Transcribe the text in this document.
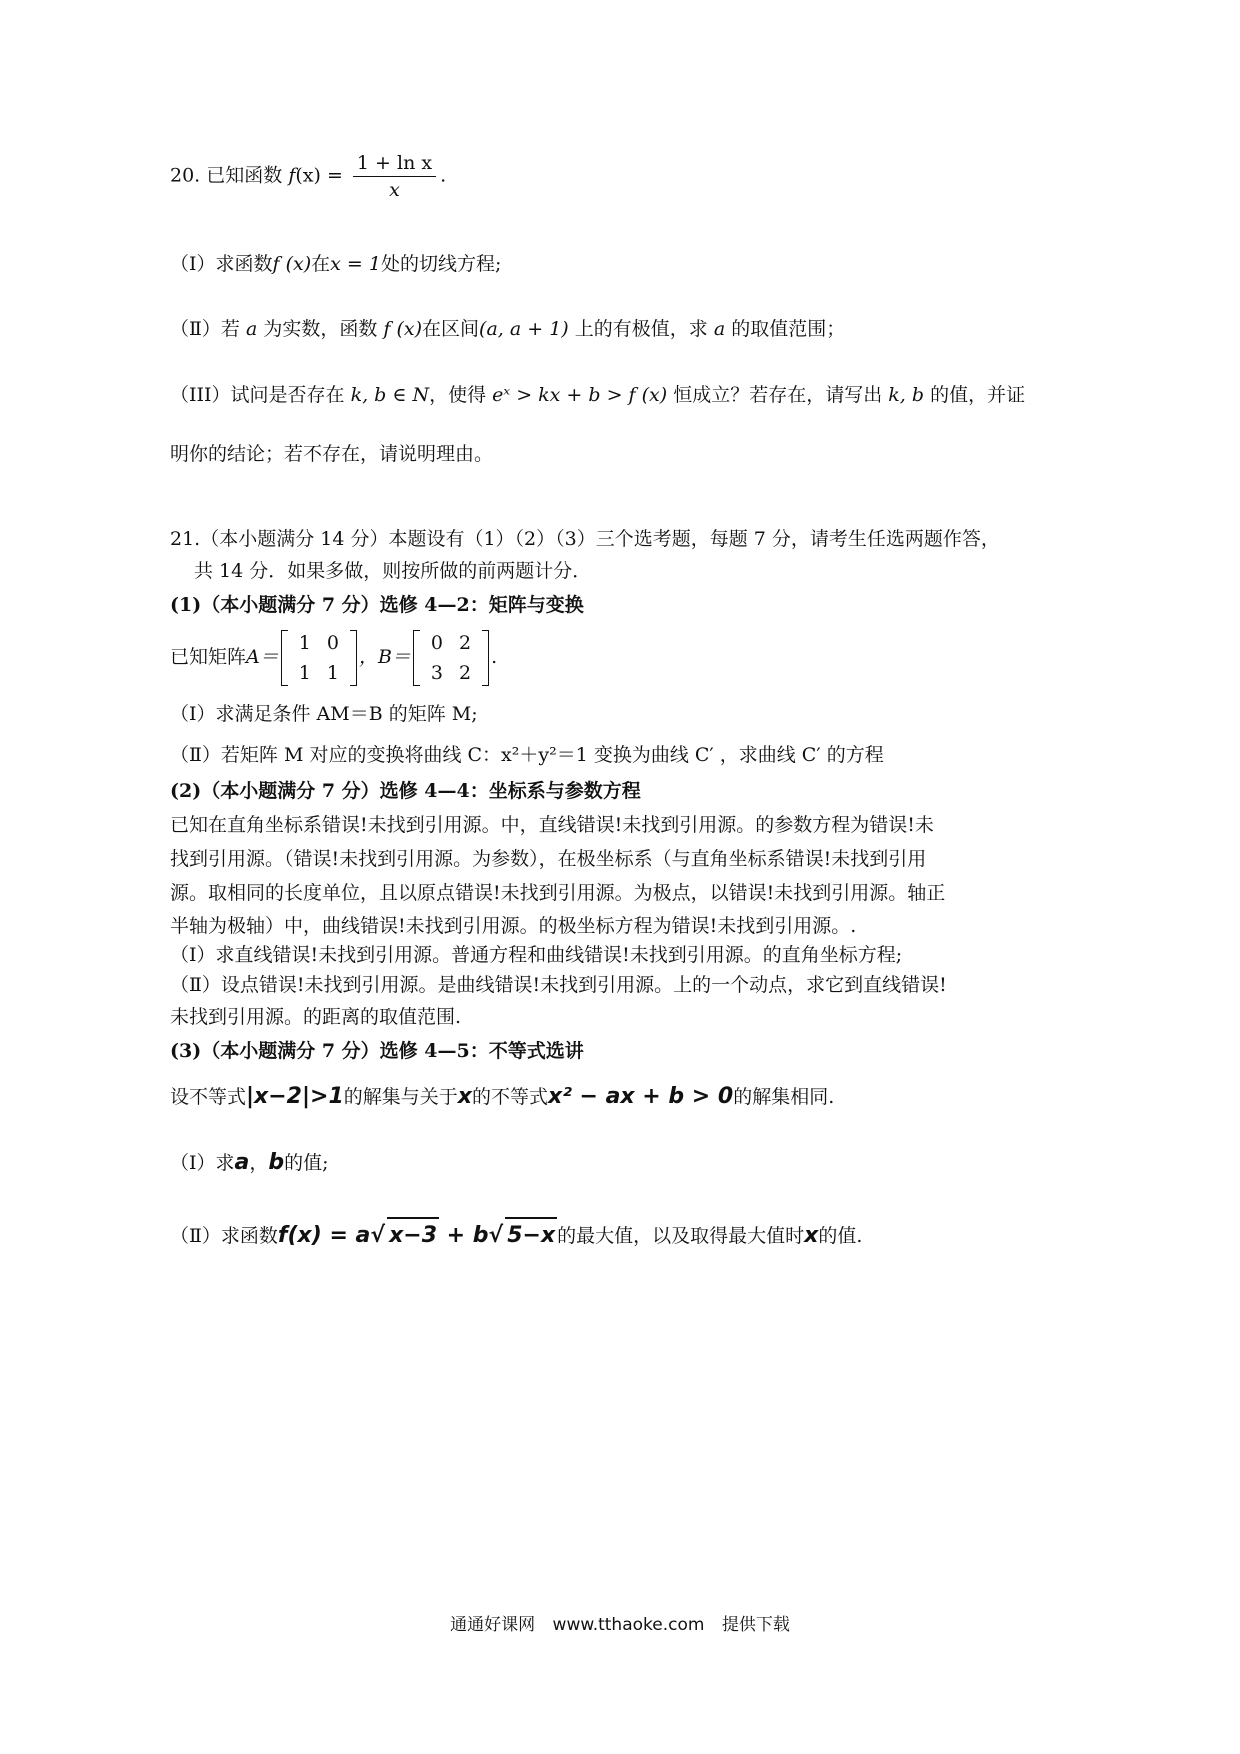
20. 已知函数 $f(x) = \frac{\text{1 + ln x}}{x}$ .
（Ⅰ）求函数f (x)在x = 1处的切线方程;
（Ⅱ）若 a 为实数，函数 f (x)在区间(a, a + 1) 上的有极值，求 a 的取值范围；
（III）试问是否存在 k, b ∈ N，使得 eˣ > kx + b > f (x) 恒成立？若存在，请写出 k, b 的值，并证
明你的结论；若不存在，请说明理由。
21.（本小题满分 14 分）本题设有（1）（2）（3）三个选考题，每题 7 分，请考生任选两题作答，
共 14 分．如果多做，则按所做的前两题计分．
(1)（本小题满分 7 分）选修 4—2：矩阵与变换
已知矩阵A＝
1	0
1	1
，B＝
0	2
3	2
.
（Ⅰ）求满足条件 AM＝B 的矩阵 M;
（Ⅱ）若矩阵 M 对应的变换将曲线 C：x²＋y²＝1 变换为曲线 C′ ，求曲线 C′ 的方程
(2)（本小题满分 7 分）选修 4—4：坐标系与参数方程
已知在直角坐标系错误!未找到引用源。中，直线错误!未找到引用源。的参数方程为错误!未
找到引用源。（错误!未找到引用源。为参数），在极坐标系（与直角坐标系错误!未找到引用
源。取相同的长度单位，且以原点错误!未找到引用源。为极点，以错误!未找到引用源。轴正
半轴为极轴）中，曲线错误!未找到引用源。的极坐标方程为错误!未找到引用源。.
（Ⅰ）求直线错误!未找到引用源。普通方程和曲线错误!未找到引用源。的直角坐标方程;
（Ⅱ）设点错误!未找到引用源。是曲线错误!未找到引用源。上的一个动点，求它到直线错误!
未找到引用源。的距离的取值范围.
(3)（本小题满分 7 分）选修 4—5：不等式选讲
设不等式|x−2|>1的解集与关于x的不等式x² − ax + b > 0的解集相同.
（Ⅰ）求a，b的值;
（Ⅱ）求函数f(x) = a√ x−3 + b√ 5−x 的最大值，以及取得最大值时x的值.
通通好课网 www.tthaoke.com 提供下载
